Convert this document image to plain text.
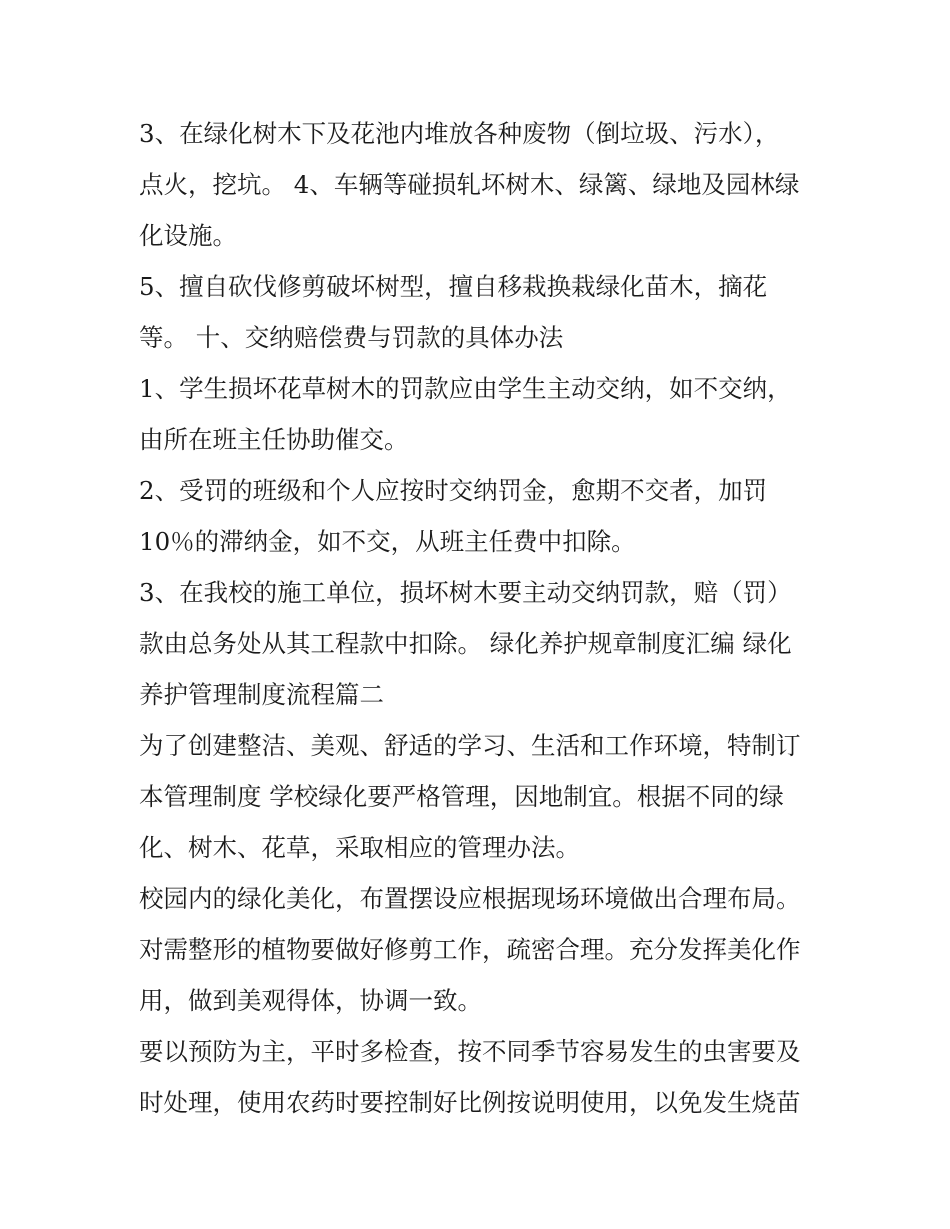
3、在绿化树木下及花池内堆放各种废物（倒垃圾、污水），
点火，挖坑。 4、车辆等碰损轧坏树木、绿篱、绿地及园林绿
化设施。
5、擅自砍伐修剪破坏树型，擅自移栽换栽绿化苗木，摘花
等。 十、交纳赔偿费与罚款的具体办法
1、学生损坏花草树木的罚款应由学生主动交纳，如不交纳，
由所在班主任协助催交。
2、受罚的班级和个人应按时交纳罚金，愈期不交者，加罚
10％的滞纳金，如不交，从班主任费中扣除。
3、在我校的施工单位，损坏树木要主动交纳罚款，赔（罚）
款由总务处从其工程款中扣除。 绿化养护规章制度汇编 绿化
养护管理制度流程篇二
为了创建整洁、美观、舒适的学习、生活和工作环境，特制订
本管理制度 学校绿化要严格管理，因地制宜。根据不同的绿
化、树木、花草，采取相应的管理办法。
校园内的绿化美化，布置摆设应根据现场环境做出合理布局。
对需整形的植物要做好修剪工作，疏密合理。充分发挥美化作
用，做到美观得体，协调一致。
要以预防为主，平时多检查，按不同季节容易发生的虫害要及
时处理，使用农药时要控制好比例按说明使用，以免发生烧苗
